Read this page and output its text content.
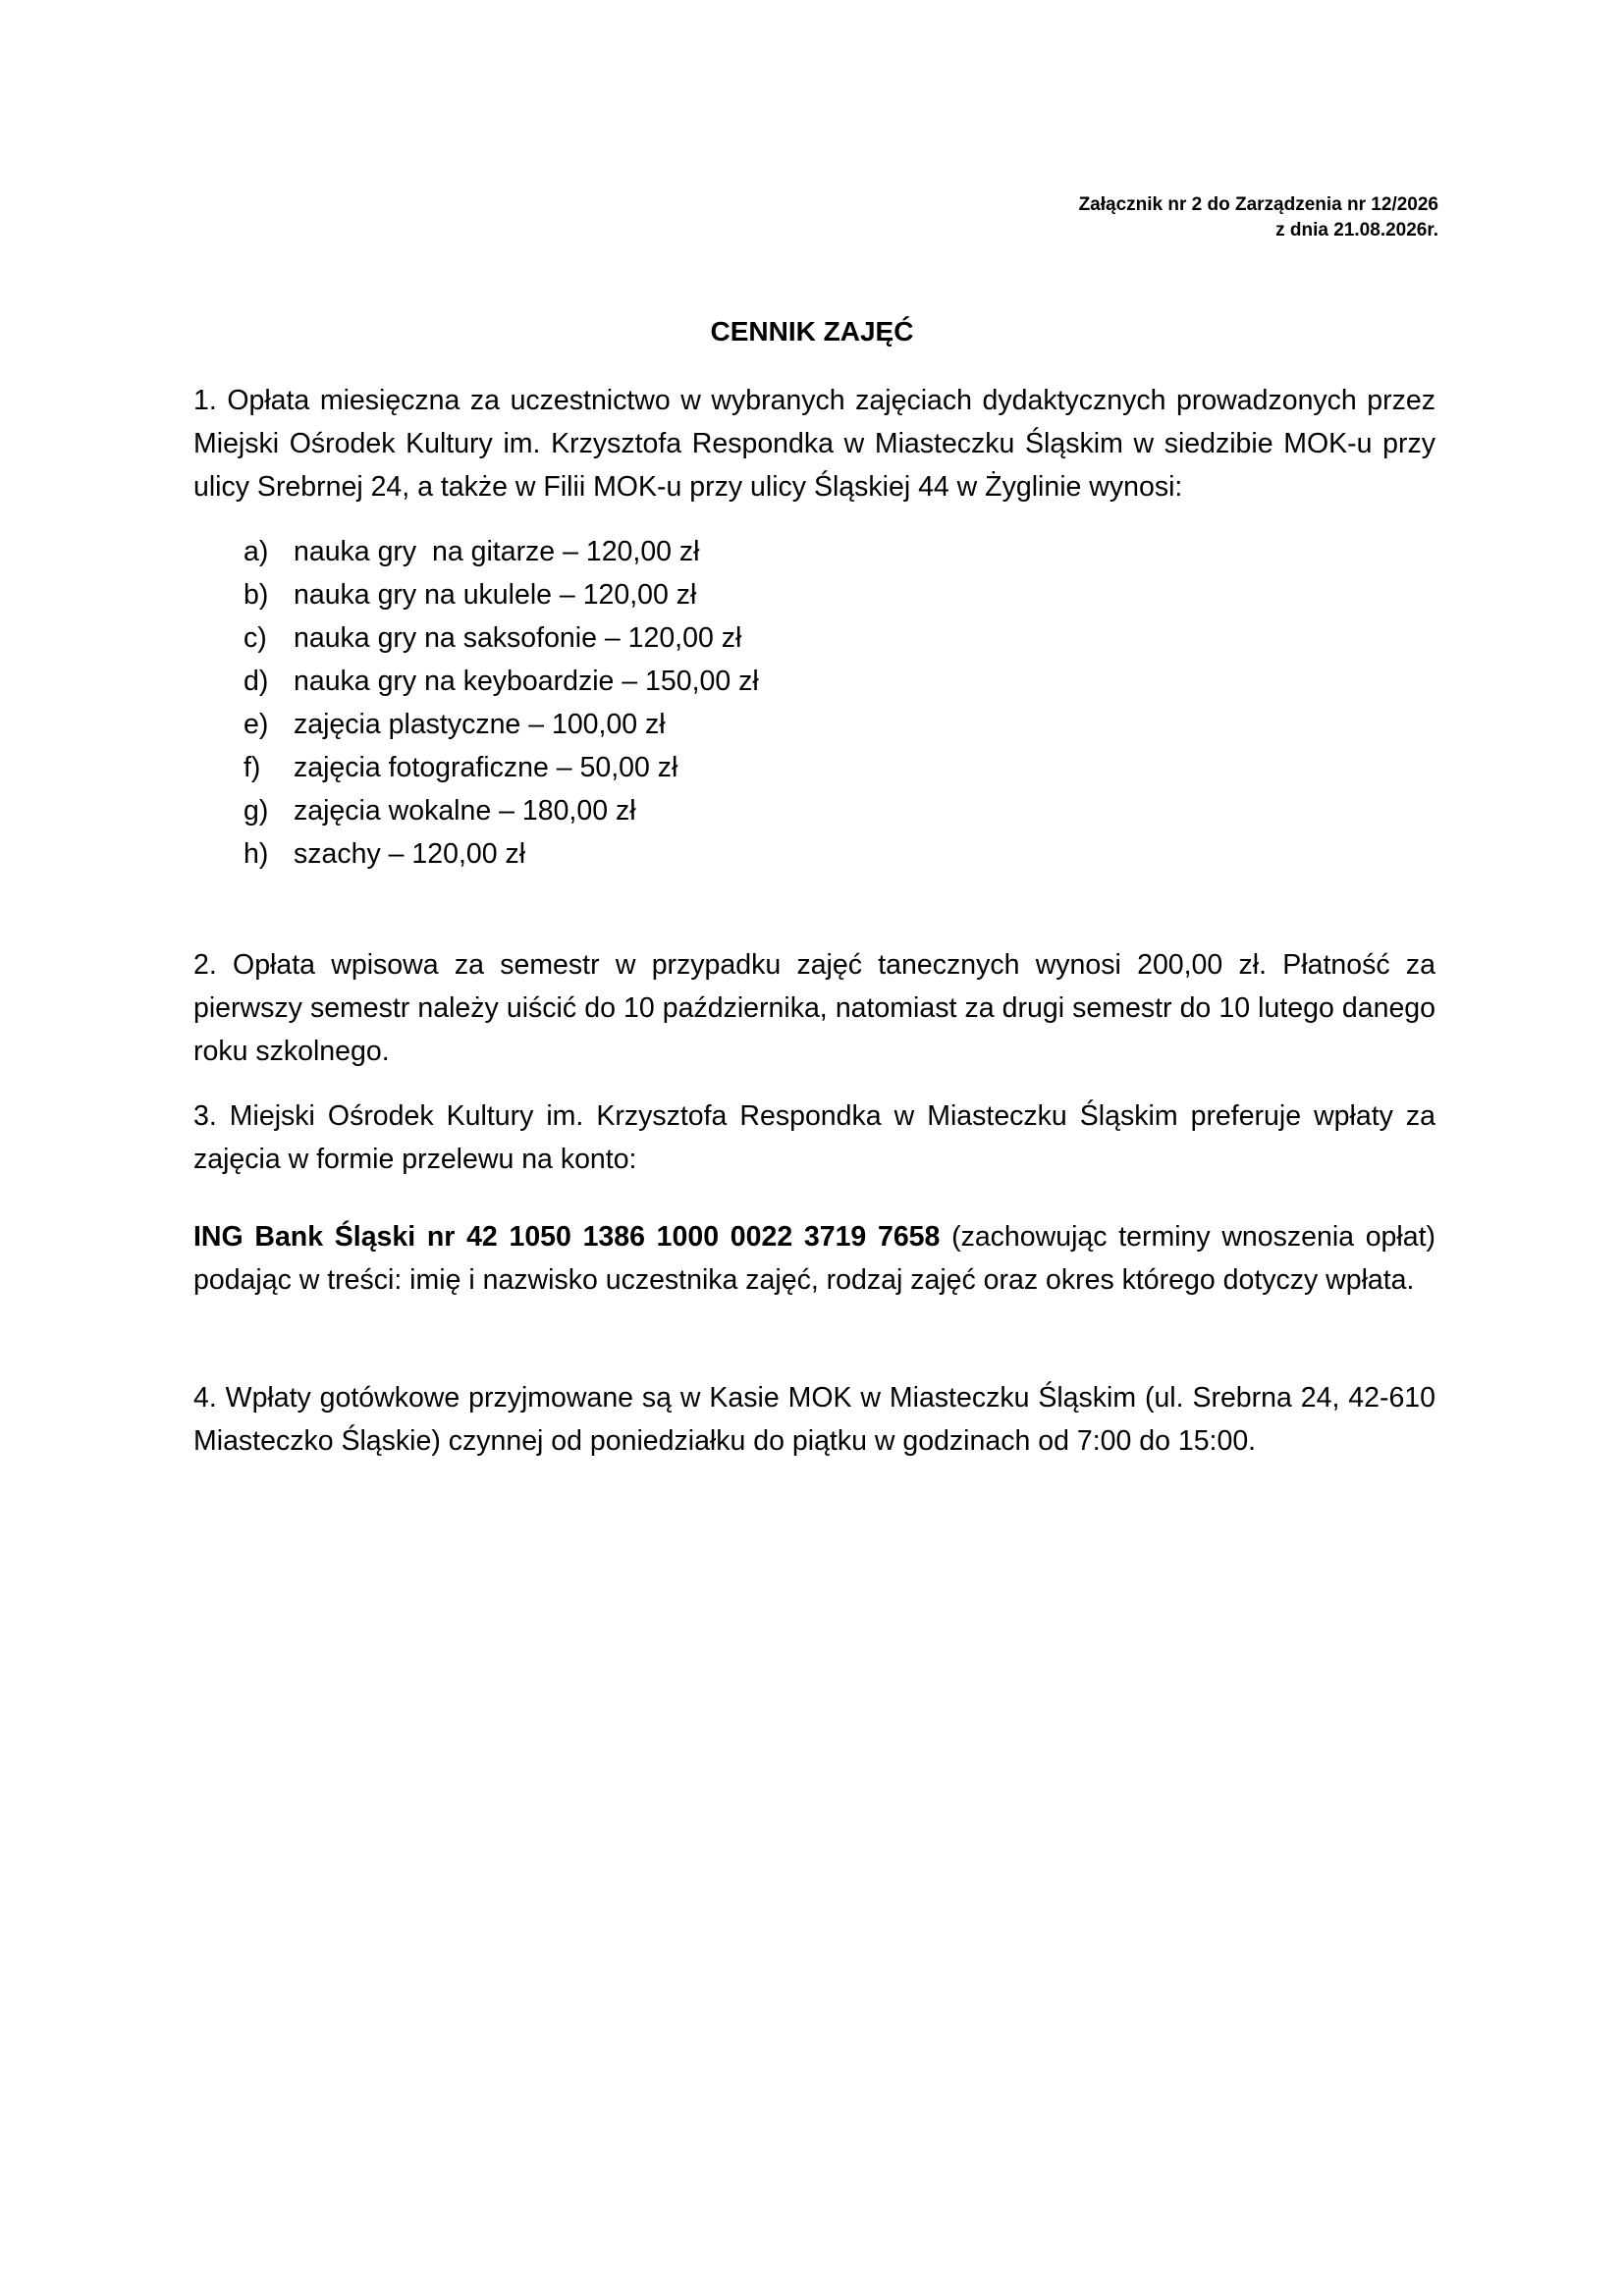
Załącznik nr 2 do Zarządzenia nr 12/2026
z dnia 21.08.2026r.
CENNIK ZAJĘĆ

1. Opłata miesięczna za uczestnictwo w wybranych zajęciach dydaktycznych prowadzonych przez Miejski Ośrodek Kultury im. Krzysztofa Respondka w Miasteczku Śląskim w siedzibie MOK-u przy ulicy Srebrnej 24, a także w Filii MOK-u przy ulicy Śląskiej 44 w Żyglinie wynosi:

a) nauka gry  na gitarze – 120,00 zł
b) nauka gry na ukulele – 120,00 zł
c) nauka gry na saksofonie – 120,00 zł
d) nauka gry na keyboardzie – 150,00 zł
e) zajęcia plastyczne – 100,00 zł
f)	zajęcia fotograficzne – 50,00 zł
g) zajęcia wokalne – 180,00 zł
h) szachy – 120,00 zł

2. Opłata wpisowa za semestr w przypadku zajęć tanecznych wynosi 200,00 zł. Płatność za pierwszy semestr należy uiścić do 10 października, natomiast za drugi semestr do 10 lutego danego roku szkolnego.

3. Miejski Ośrodek Kultury im. Krzysztofa Respondka w Miasteczku Śląskim preferuje wpłaty za zajęcia w formie przelewu na konto:

ING Bank Śląski nr 42 1050 1386 1000 0022 3719 7658 (zachowując terminy wnoszenia opłat) podając w treści: imię i nazwisko uczestnika zajęć, rodzaj zajęć oraz okres którego dotyczy wpłata.

4. Wpłaty gotówkowe przyjmowane są w Kasie MOK w Miasteczku Śląskim (ul. Srebrna 24, 42-610 Miasteczko Śląskie) czynnej od poniedziałku do piątku w godzinach od 7:00 do 15:00.
